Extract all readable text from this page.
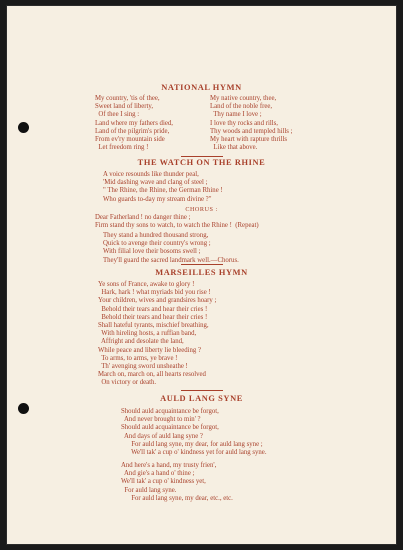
NATIONAL HYMN
My country, 'tis of thee,
Sweet land of liberty,
Of thee I sing :
Land where my fathers died,
Land of the pilgrim's pride,
From ev'ry mountain side
Let freedom ring !
My native country, thee,
Land of the noble free,
Thy name I love ;
I love thy rocks and rills,
Thy woods and templed hills ;
My heart with rapture thrills
Like that above.
THE WATCH ON THE RHINE
A voice resounds like thunder peal,
'Mid dashing wave and clang of steel ;
" The Rhine, the Rhine, the German Rhine !
Who guards to-day my stream divine ?"
CHORUS :
Dear Fatherland ! no danger thine ;
Firm stand thy sons to watch, to watch the Rhine !  (Repeat)
They stand a hundred thousand strong,
Quick to avenge their country's wrong ;
With filial love their bosoms swell ;
They'll guard the sacred landmark well.—Chorus.
MARSEILLES HYMN
Ye sons of France, awake to glory !
Hark, hark ! what myriads bid you rise !
Your children, wives and grandsires hoary ;
Behold their tears and hear their cries !
Behold their tears and hear their cries !
Shall hateful tyrants, mischief breathing,
With hireling hosts, a ruffian band,
Affright and desolate the land,
While peace and liberty lie bleeding ?
To arms, to arms, ye brave !
Th' avenging sword unsheathe !
March on, march on, all hearts resolved
On victory or death.
AULD LANG SYNE
Should auld acquaintance be forgot,
And never brought to min' ?
Should auld acquaintance be forgot,
And days of auld lang syne ?
For auld lang syne, my dear, for auld lang syne ;
We'll tak' a cup o' kindness yet for auld lang syne.
And here's a hand, my trusty frien',
And gie's a hand o' thine ;
We'll tak' a cup o' kindness yet,
For auld lang syne.
For auld lang syne, my dear, etc., etc.
